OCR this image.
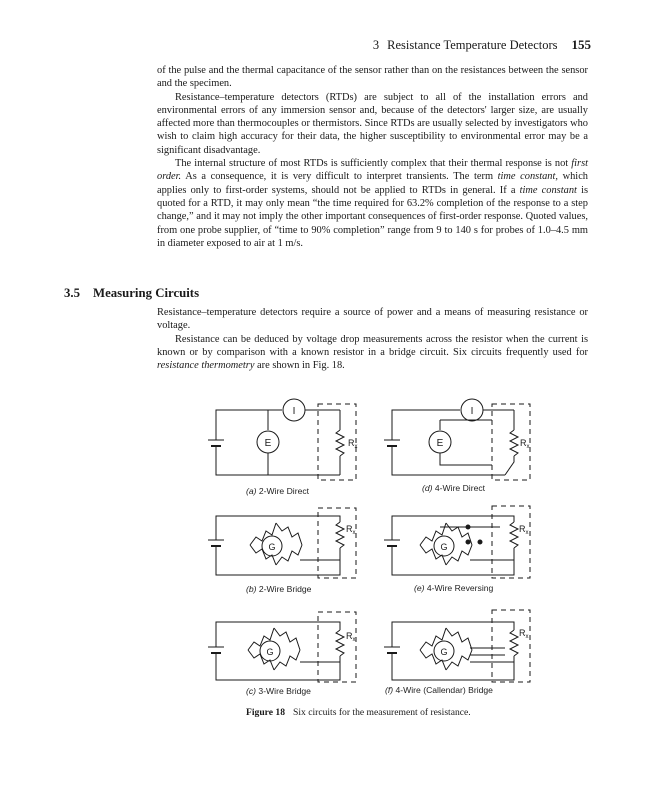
3 Resistance Temperature Detectors 155

of the pulse and the thermal capacitance of the sensor rather than on the resistances between the sensor and the specimen.

Resistance–temperature detectors (RTDs) are subject to all of the installation errors and environmental errors of any immersion sensor and, because of the detectors' larger size, are usually affected more than thermocouples or thermistors. Since RTDs are usually selected by investigators who wish to claim high accuracy for their data, the higher susceptibility to environmental error may be a significant disadvantage.

The internal structure of most RTDs is sufficiently complex that their thermal response is not first order. As a consequence, it is very difficult to interpret transients. The term time constant, which applies only to first-order systems, should not be applied to RTDs in general. If a time constant is quoted for a RTD, it may only mean “the time required for 63.2% completion of the response to a step change,” and it may not imply the other important consequences of first-order response. Quoted values, from one probe supplier, of “time to 90% completion” range from 9 to 140 s for probes of 1.0–4.5 mm in diameter exposed to air at 1 m/s.

3.5 Measuring Circuits

Resistance–temperature detectors require a source of power and a means of measuring resistance or voltage.

Resistance can be deduced by voltage drop measurements across the resistor when the current is known or by comparison with a known resistor in a bridge circuit. Six circuits frequently used for resistance thermometry are shown in Fig. 18.

I
E	$R_x$
I
E	$R_x$
G
$R_x$
G
$R_x$
G
$R_x$
G
$R_x$
(a) 2-Wire Direct	(d) 4-Wire Direct
(b) 2-Wire Bridge	(e) 4-Wire Reversing
(c) 3-Wire Bridge	(f) 4-Wire (Callendar) Bridge
Figure 18 Six circuits for the measurement of resistance.
